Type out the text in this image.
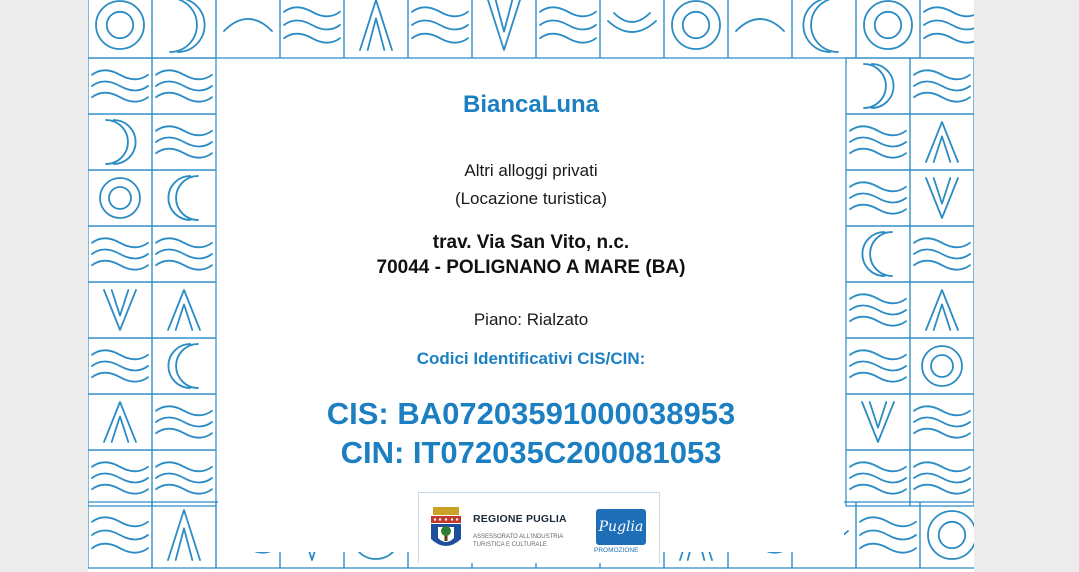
BiancaLuna
Altri alloggi privati
(Locazione turistica)
trav. Via San Vito, n.c.
70044 - POLIGNANO A MARE (BA)
Piano: Rialzato
Codici Identificativi CIS/CIN:
CIS: BA07203591000038953
CIN: IT072035C200081053
REGIONE PUGLIA
ASSESSORATO ALL'INDUSTRIA
TURISTICA E CULTURALE
Puglia
PROMOZIONE
